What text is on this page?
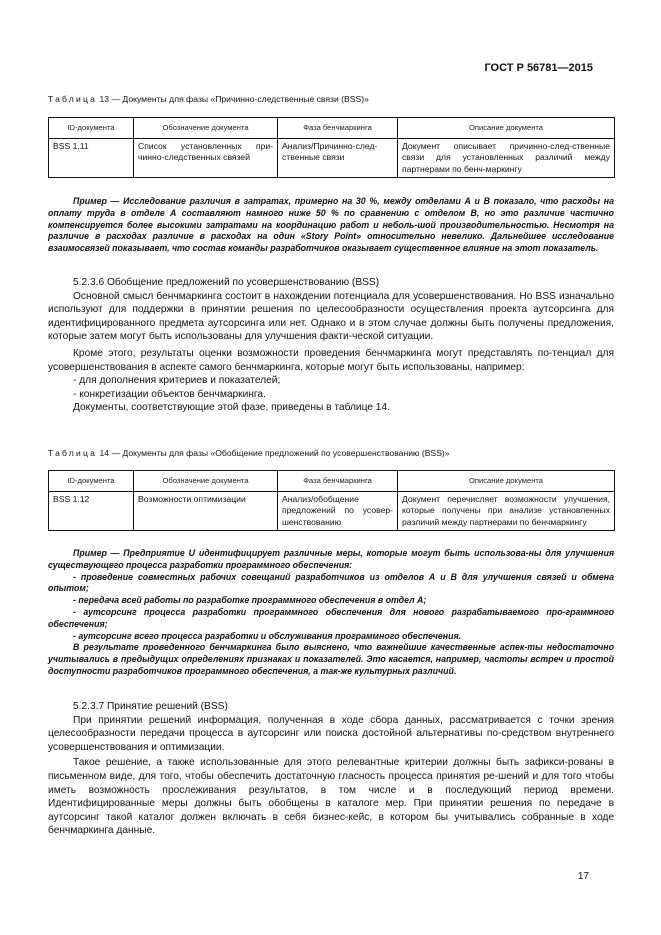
ГОСТ Р 56781—2015
Таблица 13 — Документы для фазы «Причинно-следственные связи (BSS)»
ID-документа	Обозначение документа	Фаза бенчмаркинга	Описание документа
BSS 1.11	Список установленных при-чинно-следственных связей	Анализ/Причинно-след-ственные связи	Документ описывает причинно-след-ственные связи для установленных различий между партнерами по бенч-маркингу

Пример — Исследование различия в затратах, примерно на 30 %, между отделами А и В показало, что расходы на оплату труда в отделе А составляют намного ниже 50 % по сравнению с отделом В, но это различие частично компенсируется более высокими затратами на координацию работ и неболь-шой производительностью. Несмотря на различие в расходах различие в расходах на один «Story Point» относительно невелико. Дальнейшее исследование взаимосвязей показывает, что состав команды разработчиков оказывает существенное влияние на этот показатель.

5.2.3.6 Обобщение предложений по усовершенствованию (BSS)

Основной смысл бенчмаркинга состоит в нахождении потенциала для усовершенствования. Но BSS изначально используют для поддержки в принятии решения по целесообразности осуществления проекта аутсорсинга для идентифицированного предмета аутсорсинга или нет. Однако и в этом случае должны быть получены предложения, которые затем могут быть использованы для улучшения факти-ческой ситуации.

Кроме этого, результаты оценки возможности проведения бенчмаркинга могут представлять по-тенциал для усовершенствования в аспекте самого бенчмаркинга, которые могут быть использованы, например:

- для дополнения критериев и показателей;

- конкретизации объектов бенчмаркинга.

Документы, соответствующие этой фазе, приведены в таблице 14.

Таблица 14 — Документы для фазы «Обобщение предложений по усовершенствованию (BSS)»
ID-документа	Обозначение документа	Фаза бенчмаркинга	Описание документа
BSS 1.12	Возможности оптимизации	Анализ/обобщение предложений по усовер-шенствованию	Документ перечисляет возможности улучшения, которые получены при анализе установленных различий между партнерами по бенчмаркингу

Пример — Предприятие U идентифицирует различные меры, которые могут быть использова-ны для улучшения существующего процесса разработки программного обеспечения:

- проведение совместных рабочих совещаний разработчиков из отделов А и В для улучшения связей и обмена опытом;

- передача всей работы по разработке программного обеспечения в отдел А;

- аутсорсинг процесса разработки программного обеспечения для нового разрабатываемого про-граммного обеспечения;

- аутсорсинг всего процесса разработки и обслуживания программного обеспечения.

В результате проведенного бенчмаркинга было выяснено, что важнейшие качественные аспек-ты недостаточно учитывались в предыдущих определениях признаках и показателей. Это касается, например, частоты встреч и простой доступности разработчиков программного обеспечения, а так-же культурных различий.

5.2.3.7 Принятие решений (BSS)

При принятии решений информация, полученная в ходе сбора данных, рассматривается с точки зрения целесообразности передачи процесса в аутсорсинг или поиска достойной альтернативы по-средством внутреннего усовершенствования и оптимизации.

Такое решение, а также использованные для этого релевантные критерии должны быть зафикси-рованы в письменном виде, для того, чтобы обеспечить достаточную гласность процесса принятия ре-шений и для того чтобы иметь возможность прослеживания результатов, в том числе и в последующий период времени. Идентифицированные меры должны быть обобщены в каталоге мер. При принятии решения по передаче в аутсорсинг такой каталог должен включать в себя бизнес-кейс, в котором бы учитывались собранные в ходе бенчмаркинга данные.

17
